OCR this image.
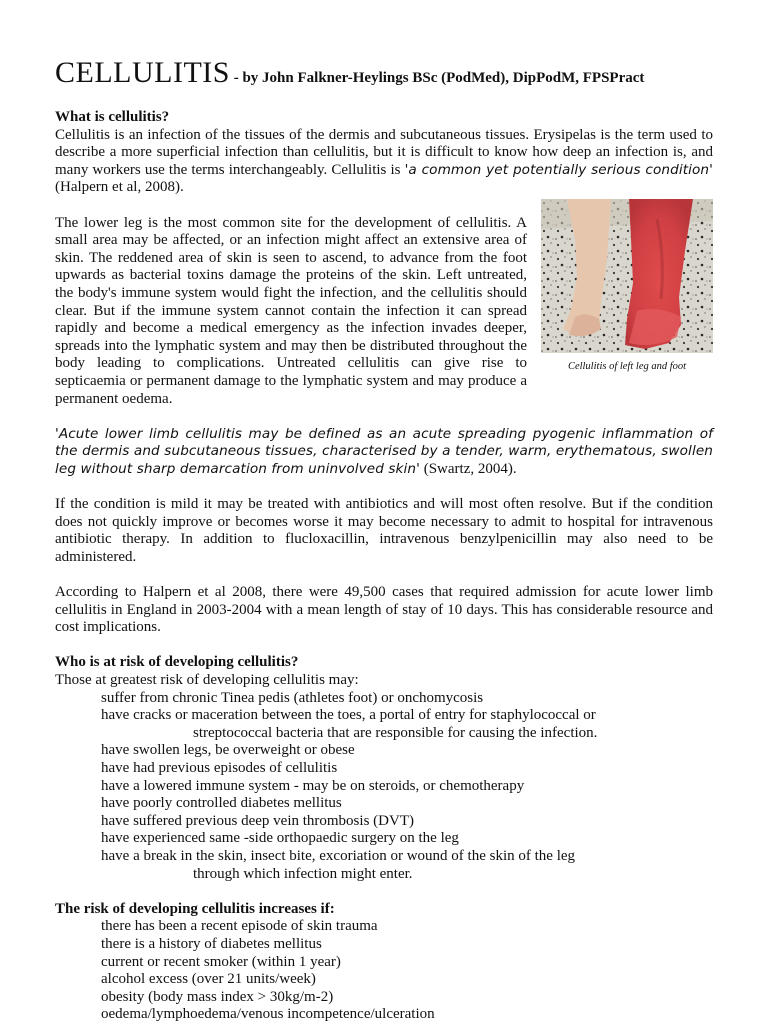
CELLULITIS - by John Falkner-Heylings BSc (PodMed), DipPodM, FPSPract

What is cellulitis?

Cellulitis is an infection of the tissues of the dermis and subcutaneous tissues. Erysipelas is the term used to describe a more superficial infection than cellulitis, but it is difficult to know how deep an infection is, and many workers use the terms interchangeably. Cellulitis is 'a common yet potentially serious condition' (Halpern et al, 2008).

Cellulitis of left leg and foot

The lower leg is the most common site for the development of cellulitis. A small area may be affected, or an infection might affect an extensive area of skin. The reddened area of skin is seen to ascend, to advance from the foot upwards as bacterial toxins damage the proteins of the skin. Left untreated, the body's immune system would fight the infection, and the cellulitis should clear. But if the immune system cannot contain the infection it can spread rapidly and become a medical emergency as the infection invades deeper, spreads into the lymphatic system and may then be distributed throughout the body leading to complications. Untreated cellulitis can give rise to septicaemia or permanent damage to the lymphatic system and may produce a permanent oedema.

'Acute lower limb cellulitis may be defined as an acute spreading pyogenic inflammation of the dermis and subcutaneous tissues, characterised by a tender, warm, erythematous, swollen leg without sharp demarcation from uninvolved skin' (Swartz, 2004).

If the condition is mild it may be treated with antibiotics and will most often resolve. But if the condition does not quickly improve or becomes worse it may become necessary to admit to hospital for intravenous antibiotic therapy. In addition to flucloxacillin, intravenous benzylpenicillin may also need to be administered.

According to Halpern et al 2008, there were 49,500 cases that required admission for acute lower limb cellulitis in England in 2003-2004 with a mean length of stay of 10 days. This has considerable resource and cost implications.

Who is at risk of developing cellulitis?

Those at greatest risk of developing cellulitis may:

suffer from chronic Tinea pedis (athletes foot) or onchomycosis
have cracks or maceration between the toes, a portal of entry for staphylococcal or
streptococcal bacteria that are responsible for causing the infection.
have swollen legs, be overweight or obese
have had previous episodes of cellulitis
have a lowered immune system - may be on steroids, or chemotherapy
have poorly controlled diabetes mellitus
have suffered previous deep vein thrombosis (DVT)
have experienced same -side orthopaedic surgery on the leg
have a break in the skin, insect bite, excoriation or wound of the skin of the leg
through which infection might enter.

The risk of developing cellulitis increases if:

there has been a recent episode of skin trauma
there is a history of diabetes mellitus
current or recent smoker (within 1 year)
alcohol excess (over 21 units/week)
obesity (body mass index > 30kg/m-2)
oedema/lymphoedema/venous incompetence/ulceration
